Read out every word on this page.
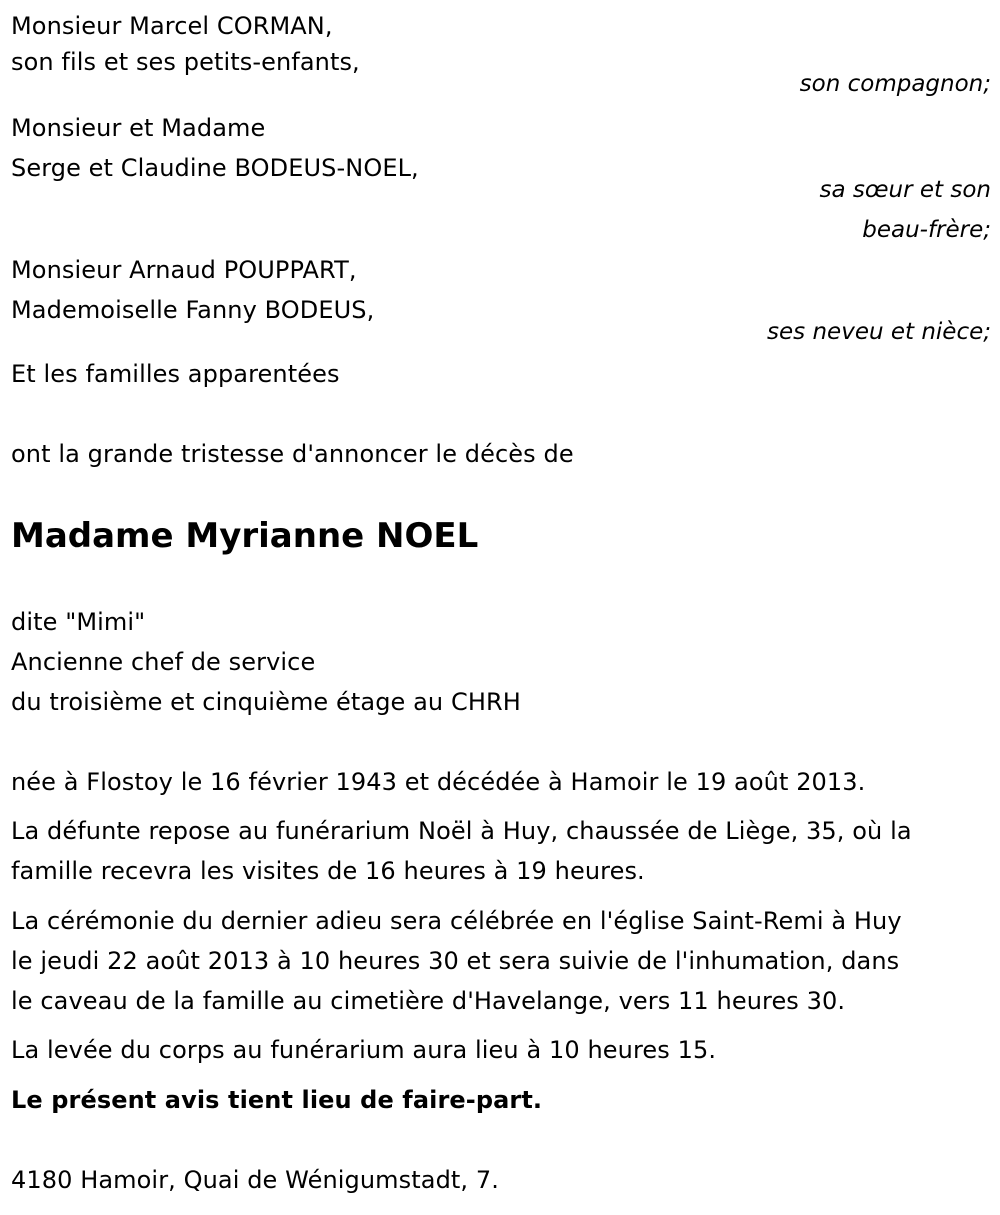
Monsieur Marcel CORMAN,
son fils et ses petits-enfants,
son compagnon;
Monsieur et Madame
Serge et Claudine BODEUS-NOEL,
sa sœur et son
beau-frère;
Monsieur Arnaud POUPPART,
Mademoiselle Fanny BODEUS,
ses neveu et nièce;
Et les familles apparentées
ont la grande tristesse d'annoncer le décès de
Madame Myrianne NOEL
dite "Mimi"
Ancienne chef de service
du troisième et cinquième étage au CHRH
née à Flostoy le 16 février 1943 et décédée à Hamoir le 19 août 2013.
La défunte repose au funérarium Noël à Huy, chaussée de Liège, 35, où la
famille recevra les visites de 16 heures à 19 heures.
La cérémonie du dernier adieu sera célébrée en l'église Saint-Remi à Huy
le jeudi 22 août 2013 à 10 heures 30 et sera suivie de l'inhumation, dans
le caveau de la famille au cimetière d'Havelange, vers 11 heures 30.
La levée du corps au funérarium aura lieu à 10 heures 15.
Le présent avis tient lieu de faire-part.
4180 Hamoir, Quai de Wénigumstadt, 7.
